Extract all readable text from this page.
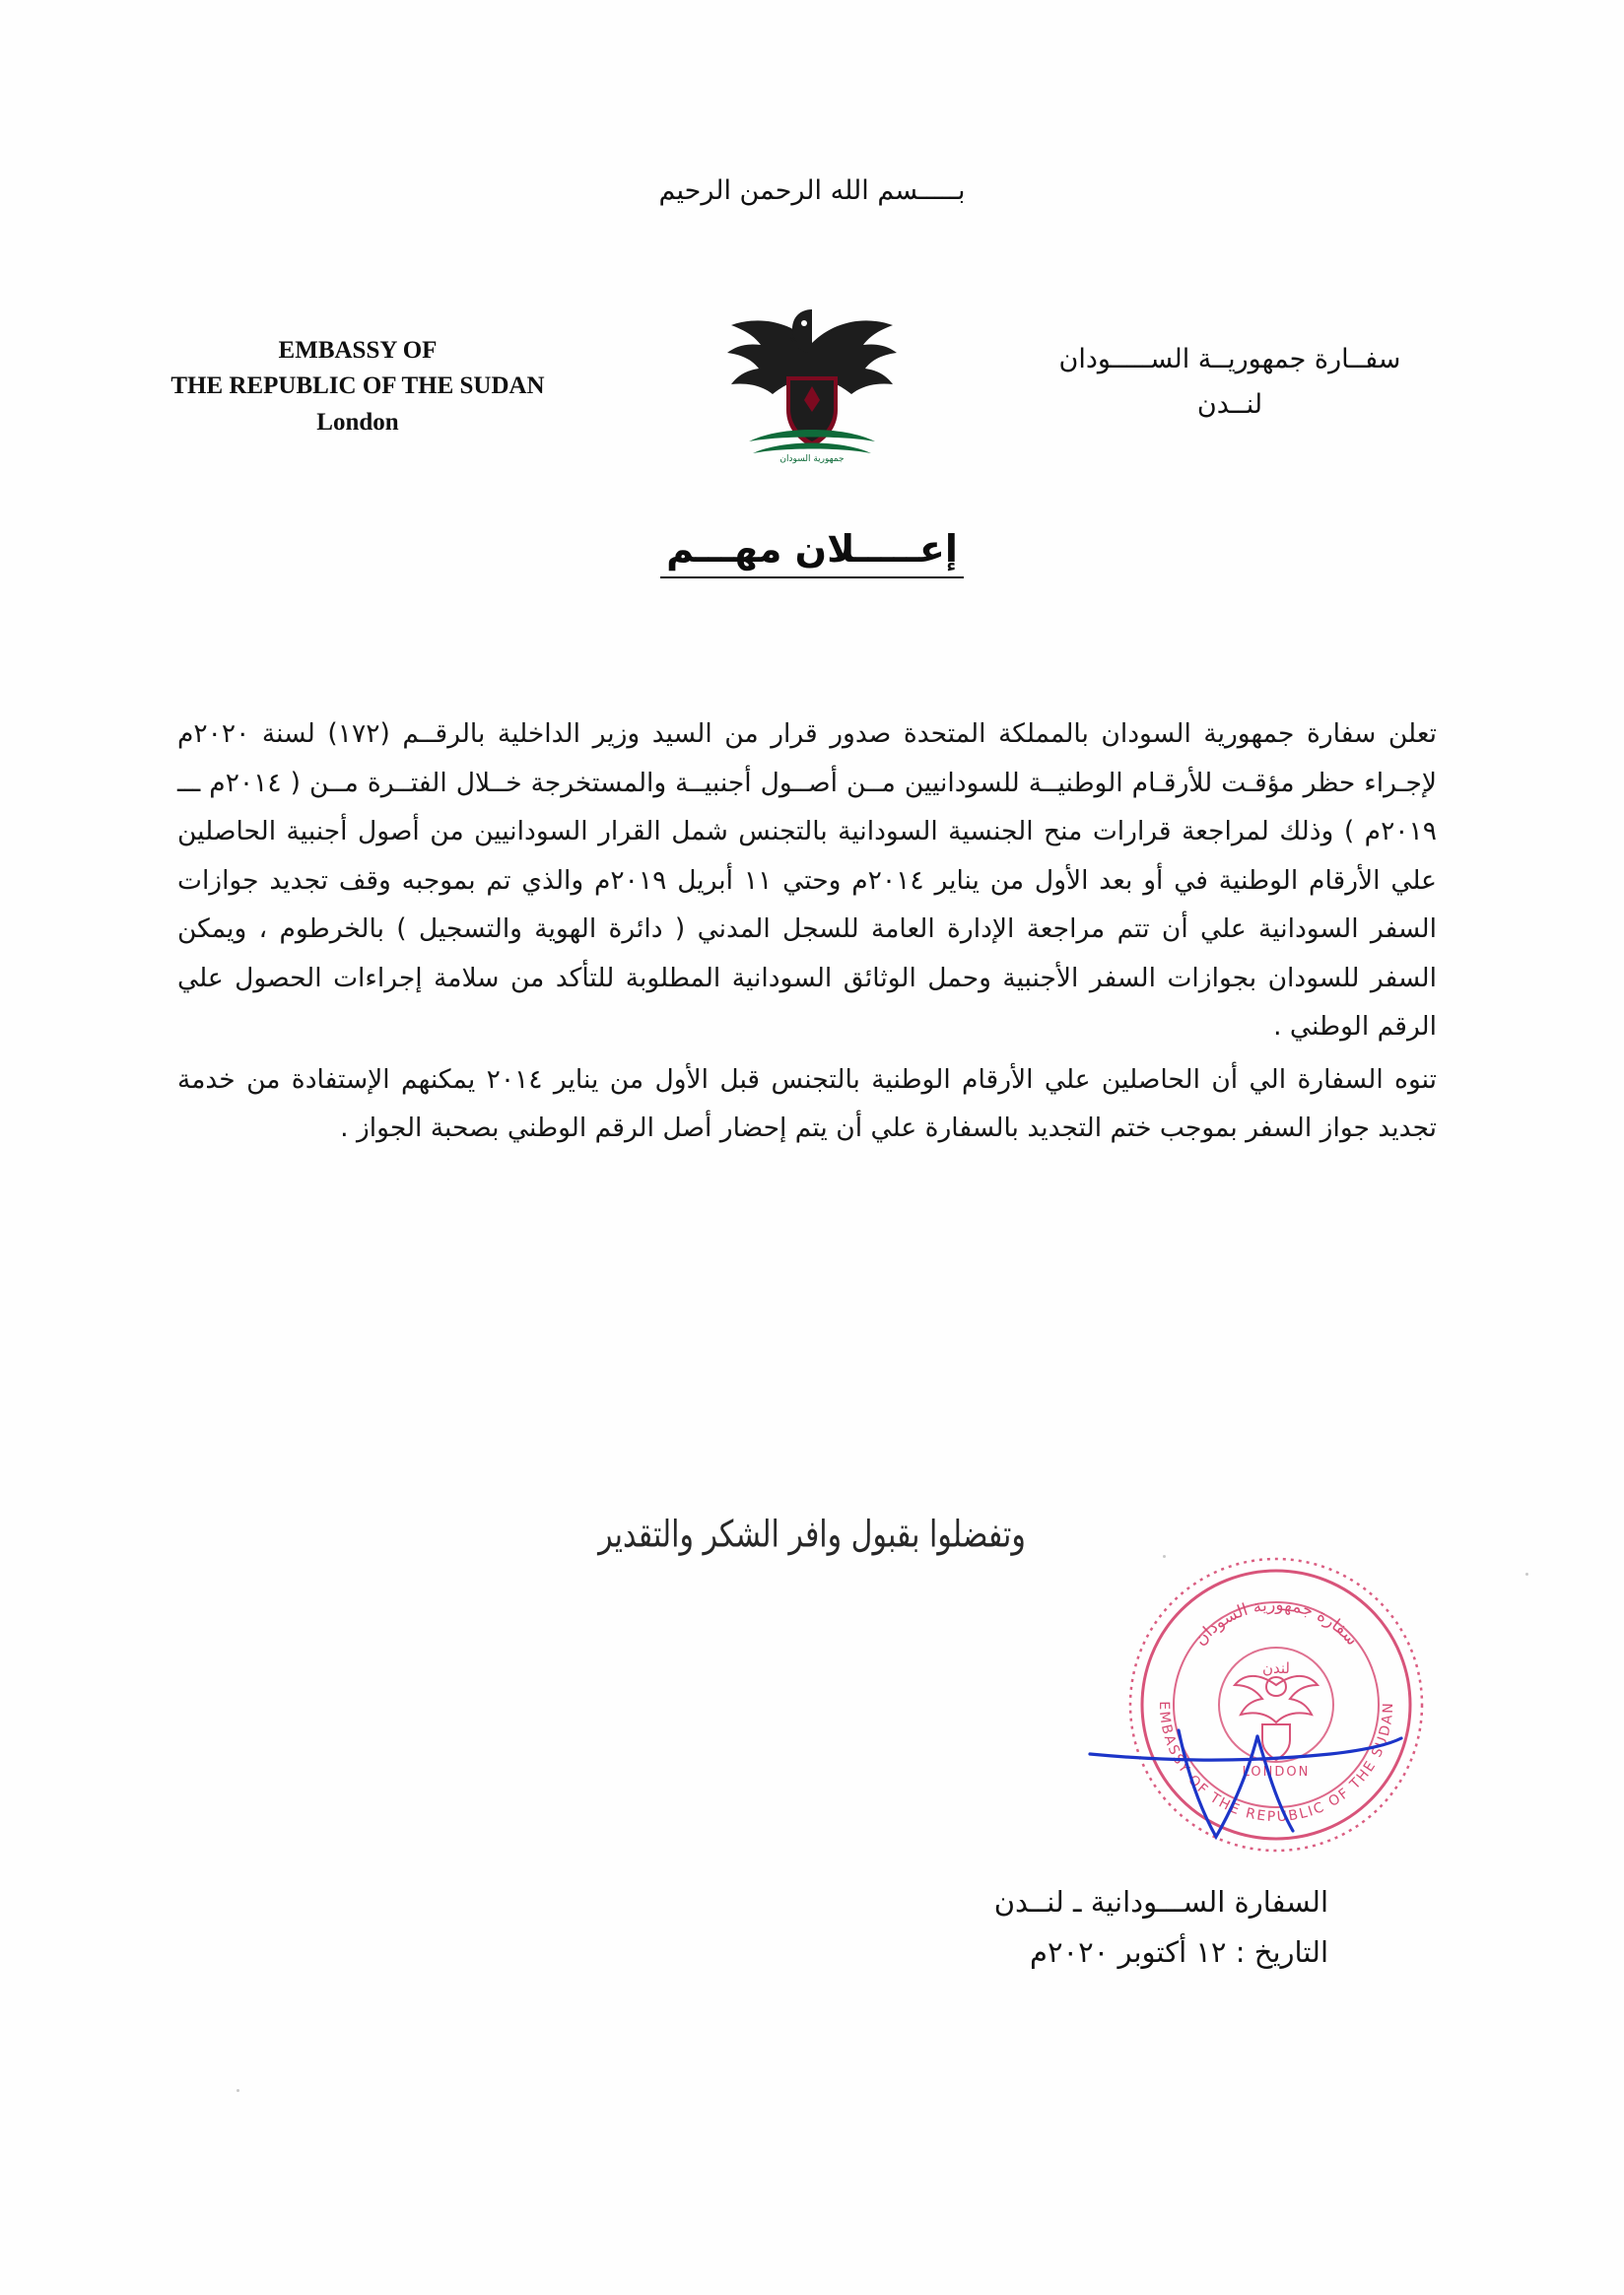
بـــــسم الله الرحمن الرحيم
جمهورية السودان
EMBASSY OF
THE REPUBLIC OF THE SUDAN
London
سفــارة جمهوريــة السـ‍ــــودان
لنــدن
إعـــــلان مهـــم

تعلن سفارة جمهورية السودان بالمملكة المتحدة صدور قرار من السيد وزير الداخلية بالرقــم (١٧٢) لسنة ٢٠٢٠م لإجـراء حظر مؤقـت للأرقـام الوطنيــة للسودانيين مــن أصــول أجنبيــة والمستخرجة خــلال الفتــرة مــن ( ٢٠١٤م ـــ ٢٠١٩م ) وذلك لمراجعة قرارات منح الجنسية السودانية بالتجنس شمل القرار السودانيين من أصول أجنبية الحاصلين علي الأرقام الوطنية في أو بعد الأول من يناير ٢٠١٤م وحتي ١١ أبريل ٢٠١٩م والذي تم بموجبه وقف تجديد جوازات السفر السودانية علي أن تتم مراجعة الإدارة العامة للسجل المدني ( دائرة الهوية والتسجيل ) بالخرطوم ، ويمكن السفر للسودان بجوازات السفر الأجنبية وحمل الوثائق السودانية المطلوبة للتأكد من سلامة إجراءات الحصول علي الرقم الوطني .

تنوه السفارة الي أن الحاصلين علي الأرقام الوطنية بالتجنس قبل الأول من يناير ٢٠١٤ يمكنهم الإستفادة من خدمة تجديد جواز السفر بموجب ختم التجديد بالسفارة علي أن يتم إحضار أصل الرقم الوطني بصحبة الجواز .

وتفضلوا بقبول وافر الشكر والتقدير
سفارة جمهورية السودان
EMBASSY OF THE REPUBLIC OF THE SUDAN
لندن
LONDON
السفارة السـ‍ــودانية ـ لنــدن
التاريخ : ١٢ أكتوبر ٢٠٢٠م
